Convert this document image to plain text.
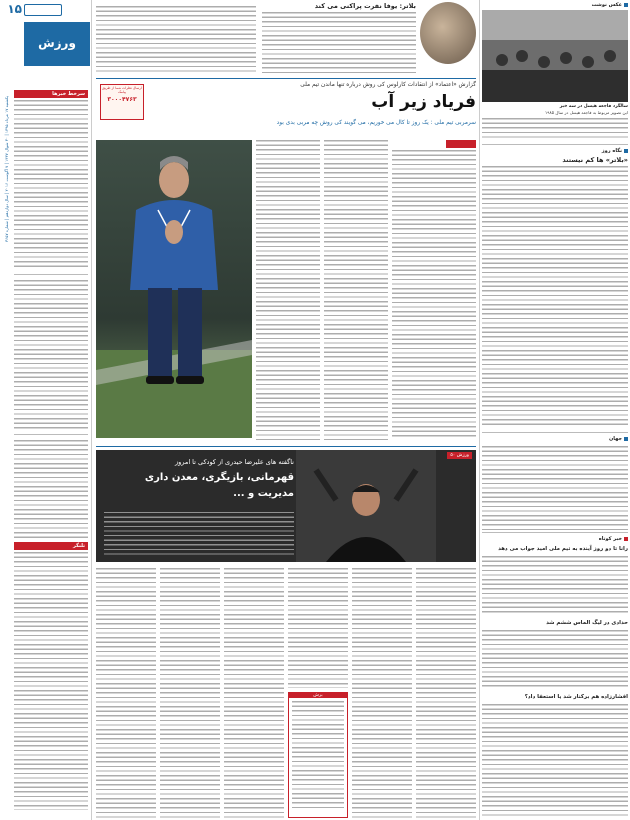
۱۵
ورزش
یکشنبه ۱۷ مرداد ۱۳۹۵ | ۳۰ شوال ۱۴۳۷ | ۷ آگوست ۲۰۱۶ | سال دوازدهم | شماره ۳۶۵۷
سرخط خبرها
تلنگر
بلاتر: یوفا نفرت پراکنی می کند
گزارش «اعتماد» از انتقادات کارلوس کی روش درباره تنها ماندن تیم ملی
فریاد زیر آب
سرمربی تیم ملی : یک روز تا کال می خوریم، می گویند کی روش چه مربی بدی بود
ارسال نظرات شما از طریق پیامک
۳۰۰۰۴۷۶۳
ورزش ۵۰
ناگفته های علیرضا حیدری از کودکی تا امروز
قهرمانی، بازیگری، معدن داری
مدیریت و ...
برش
عکس نوشت
سالگرد فاجعه هیسل در سه خبر
این تصویر مربوط به فاجعه هیسل در سال ۱۹۸۵
نگاه روز
«بلاتر» ها کم نیستند
جهان
خبر کوتاه
رانا تا دو روز آینده به تیم ملی امید جواب می دهد
حدادی در لیگ الماس ششم شد
افشارزاده هم برکنار شد یا استعفا داد؟
